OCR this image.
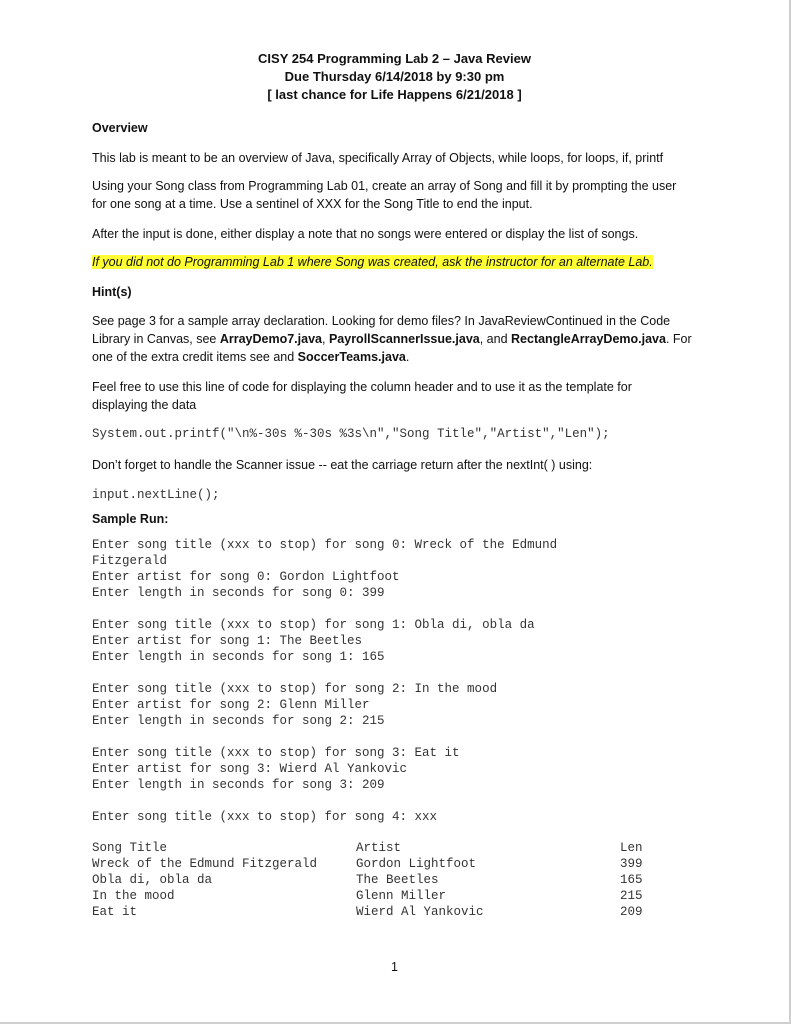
CISY 254 Programming Lab 2 – Java Review
Due Thursday 6/14/2018 by 9:30 pm
[ last chance for Life Happens 6/21/2018 ]
Overview
This lab is meant to be an overview of Java, specifically Array of Objects, while loops, for loops, if, printf
Using your Song class from Programming Lab 01, create an array of Song and fill it by prompting the user
for one song at a time. Use a sentinel of XXX for the Song Title to end the input.
After the input is done, either display a note that no songs were entered or display the list of songs.
If you did not do Programming Lab 1 where Song was created, ask the instructor for an alternate Lab.
Hint(s)
See page 3 for a sample array declaration. Looking for demo files? In JavaReviewContinued in the Code
Library in Canvas, see ArrayDemo7.java, PayrollScannerIssue.java, and RectangleArrayDemo.java. For
one of the extra credit items see and SoccerTeams.java.
Feel free to use this line of code for displaying the column header and to use it as the template for
displaying the data
System.out.printf("\n%-30s %-30s %3s\n","Song Title","Artist","Len");
Don’t forget to handle the Scanner issue -- eat the carriage return after the nextInt( ) using:
input.nextLine();
Sample Run:
Enter song title (xxx to stop) for song 0: Wreck of the Edmund
Fitzgerald
Enter artist for song 0: Gordon Lightfoot
Enter length in seconds for song 0: 399
Enter song title (xxx to stop) for song 1: Obla di, obla da
Enter artist for song 1: The Beetles
Enter length in seconds for song 1: 165
Enter song title (xxx to stop) for song 2: In the mood
Enter artist for song 2: Glenn Miller
Enter length in seconds for song 2: 215
Enter song title (xxx to stop) for song 3: Eat it
Enter artist for song 3: Wierd Al Yankovic
Enter length in seconds for song 3: 209
Enter song title (xxx to stop) for song 4: xxx
Song Title	Artist	Len
Wreck of the Edmund Fitzgerald	Gordon Lightfoot	399
Obla di, obla da	The Beetles	165
In the mood	Glenn Miller	215
Eat it	Wierd Al Yankovic	209
1
